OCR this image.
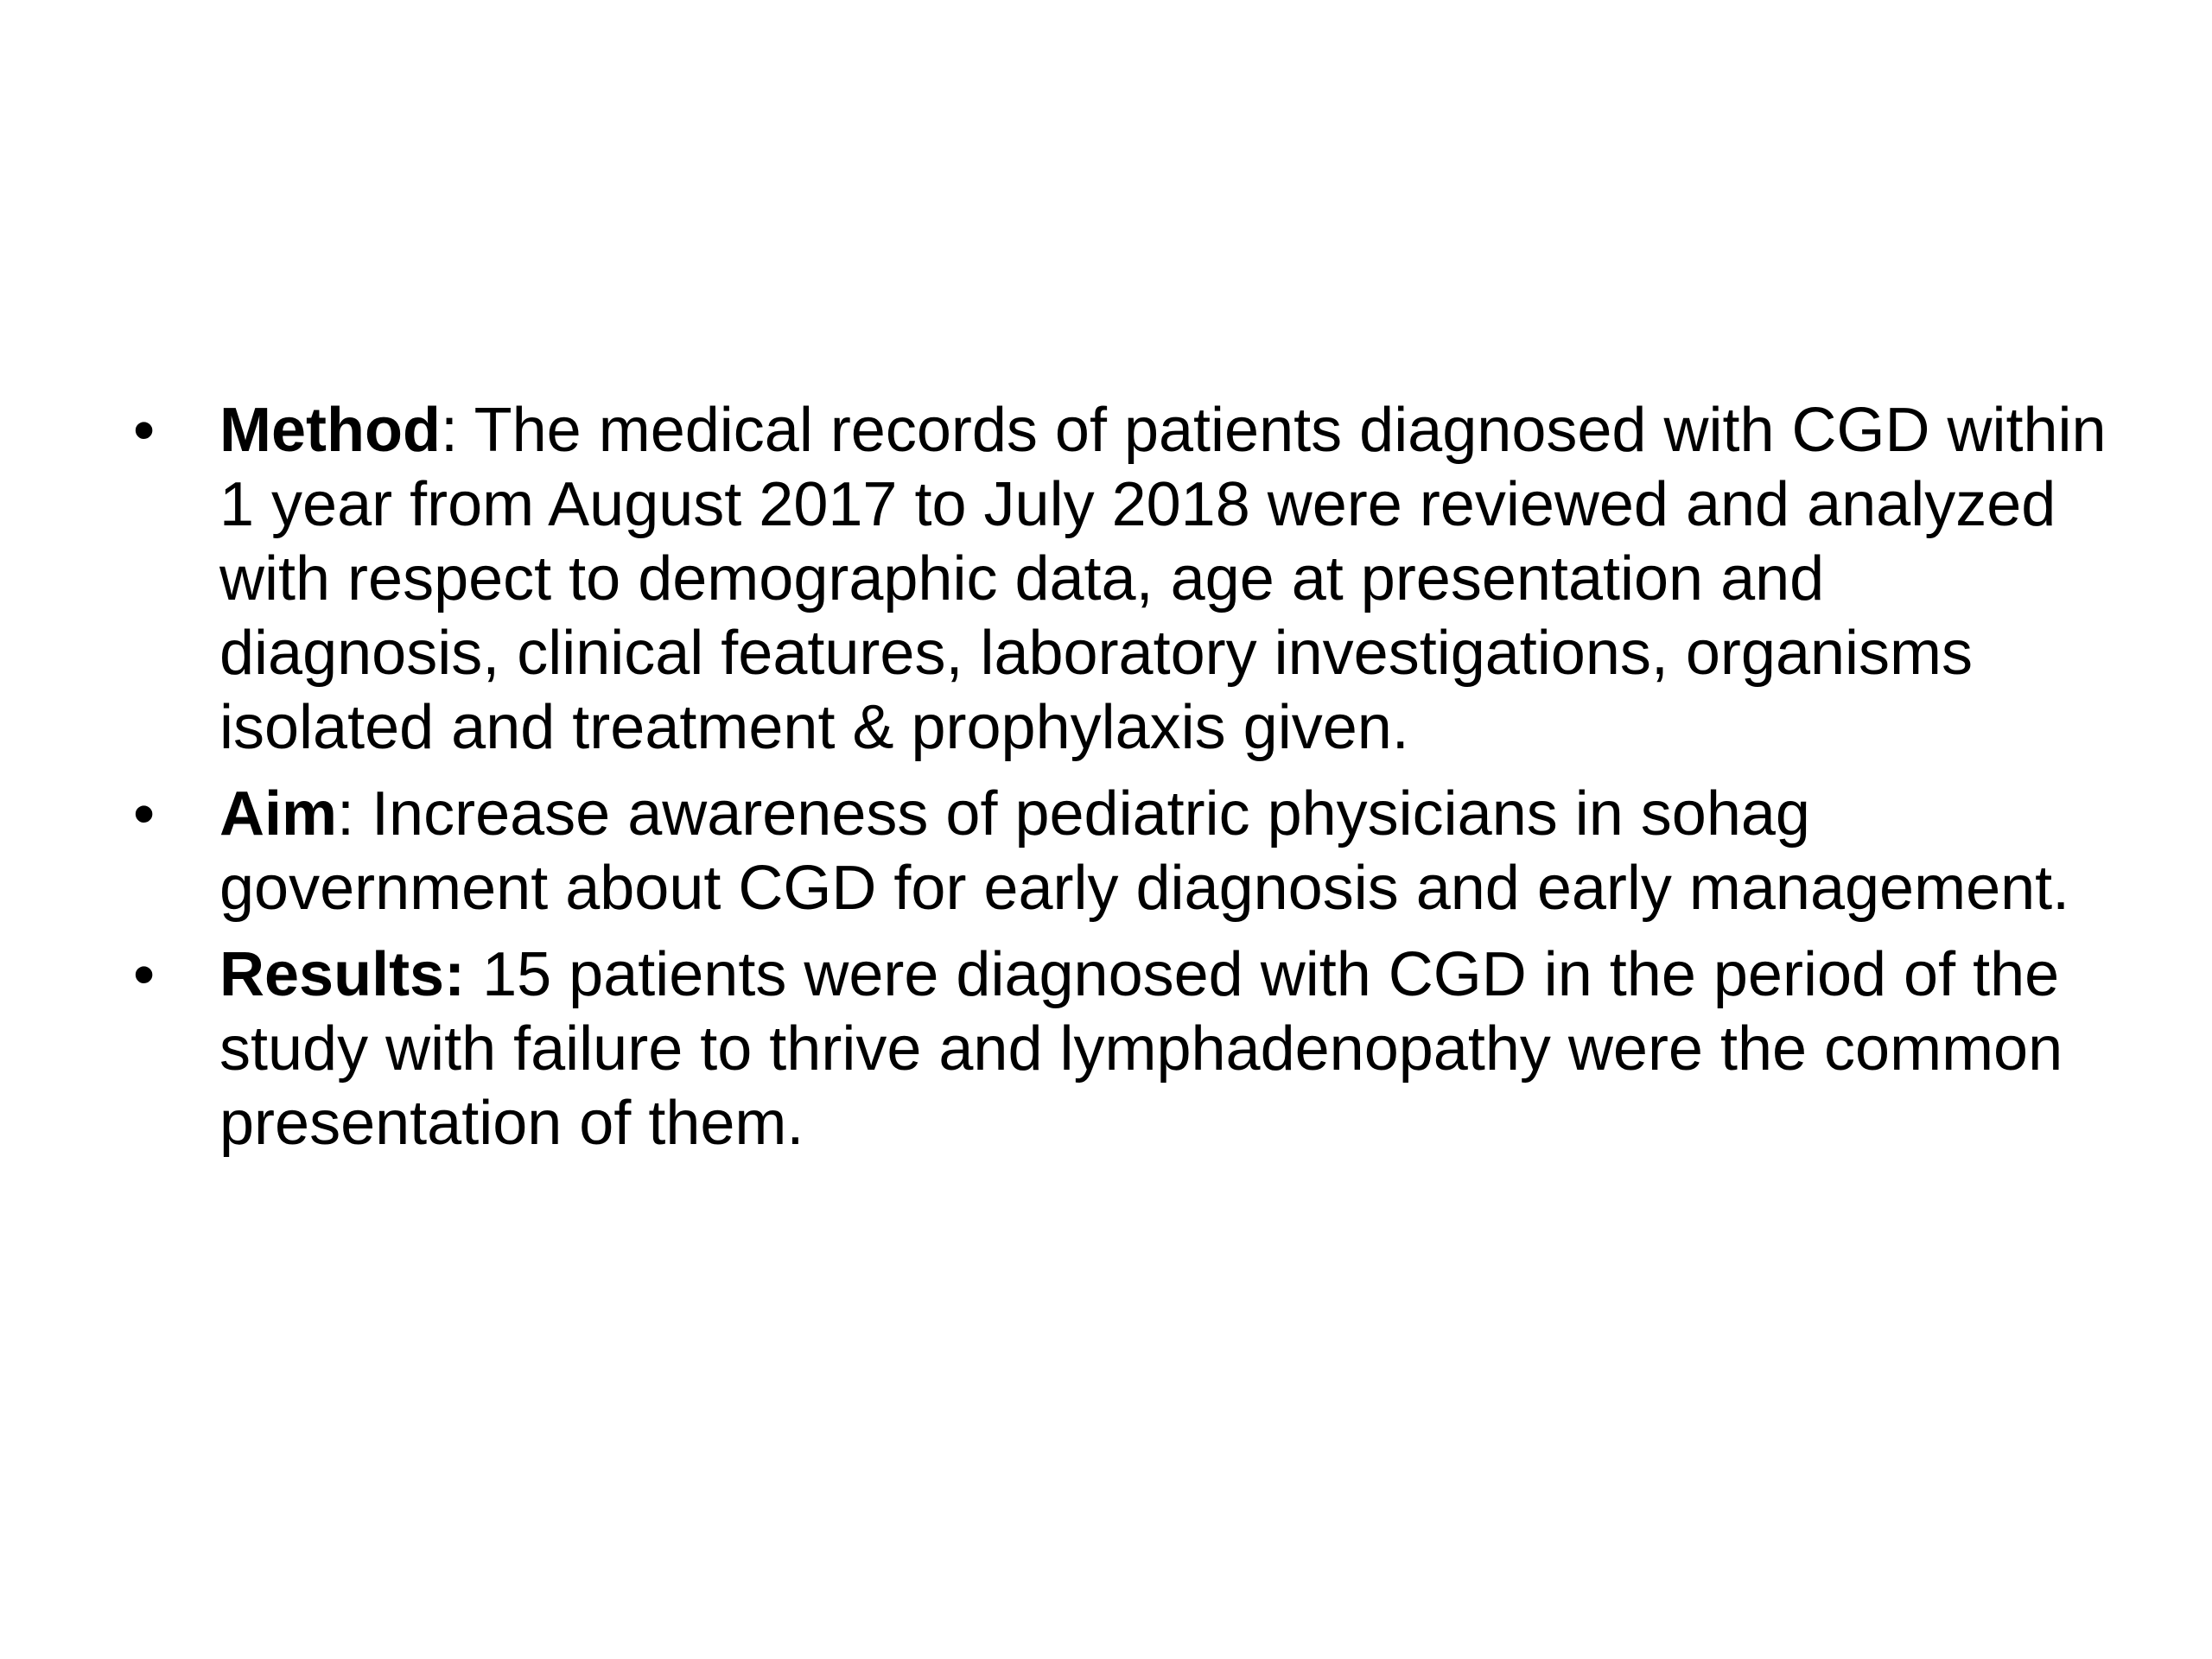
• Method: The medical records of patients diagnosed with CGD within 1 year from August 2017 to July 2018 were reviewed and analyzed with respect to demographic data, age at presentation and diagnosis, clinical features, laboratory investigations, organisms isolated and treatment & prophylaxis given.
• Aim: Increase awareness of pediatric physicians in sohag government about CGD for early diagnosis and early management.
• Results: 15 patients were diagnosed with CGD in the period of the study with failure to thrive and lymphadenopathy were the common presentation of them.
